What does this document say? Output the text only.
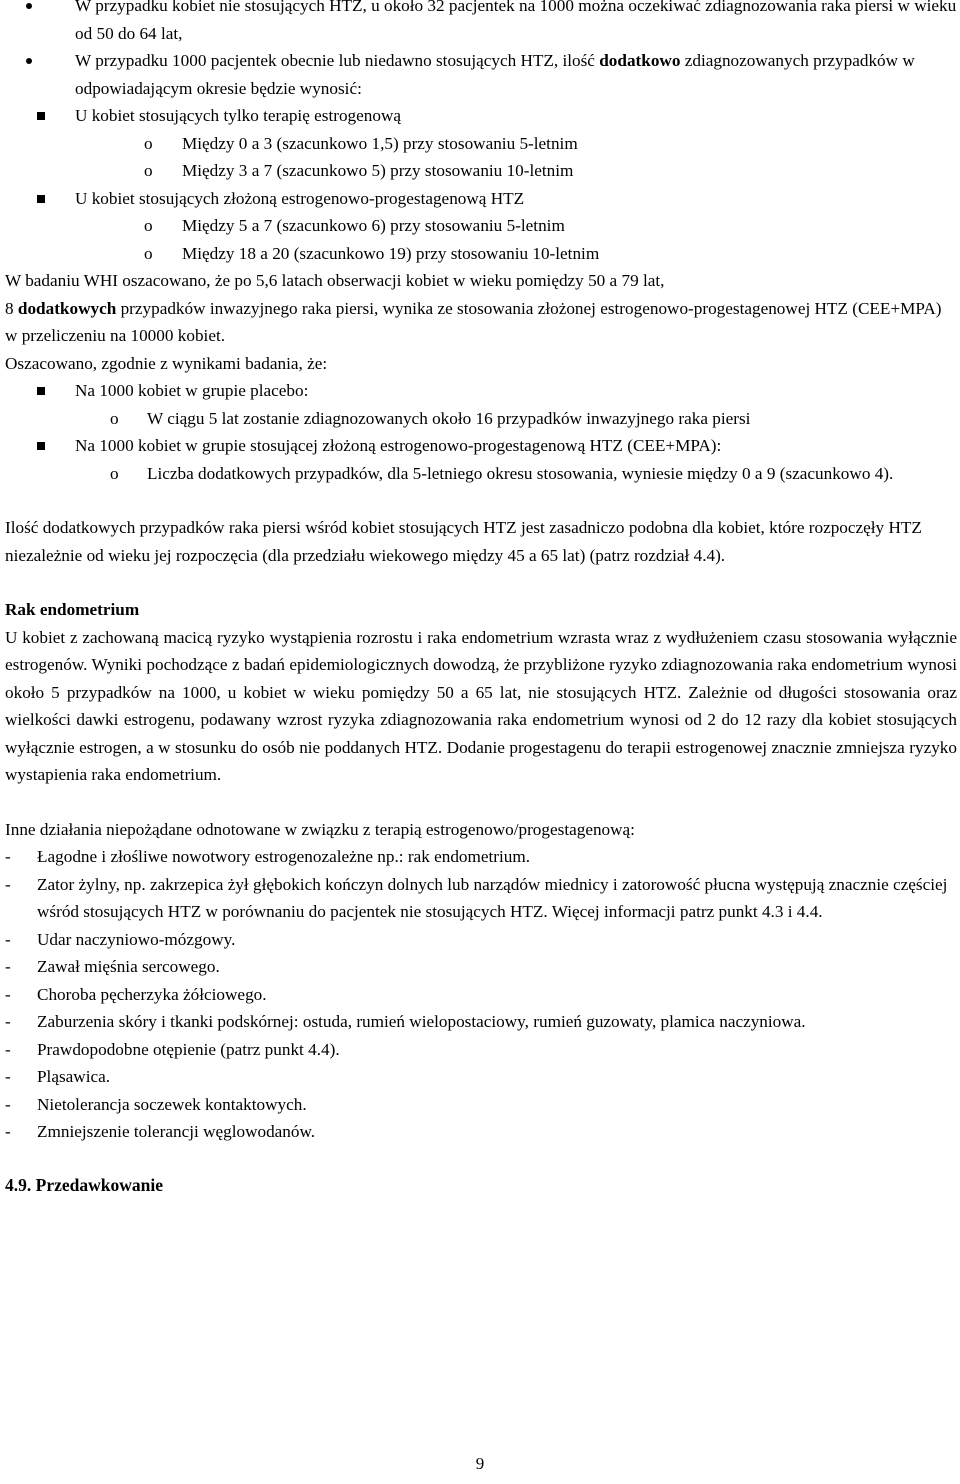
W przypadku kobiet nie stosujących HTZ, u około 32 pacjentek na 1000 można oczekiwać zdiagnozowania raka piersi w wieku od 50 do 64 lat,
W przypadku 1000 pacjentek obecnie lub niedawno stosujących HTZ, ilość dodatkowo zdiagnozowanych przypadków w odpowiadającym okresie będzie wynosić:
U kobiet stosujących tylko terapię estrogenową
o Między 0 a 3 (szacunkowo 1,5) przy stosowaniu 5-letnim
o Między 3 a 7 (szacunkowo 5) przy stosowaniu 10-letnim
U kobiet stosujących złożoną estrogenowo-progestagenową HTZ
o Między 5 a 7 (szacunkowo 6) przy stosowaniu 5-letnim
o Między 18 a 20 (szacunkowo 19) przy stosowaniu 10-letnim
W badaniu WHI oszacowano, że po 5,6 latach obserwacji kobiet w wieku pomiędzy 50 a 79 lat,
8 dodatkowych przypadków inwazyjnego raka piersi, wynika ze stosowania złożonej estrogenowo-progestagenowej HTZ (CEE+MPA) w przeliczeniu na 10000 kobiet.
Oszacowano, zgodnie z wynikami badania, że:
Na 1000 kobiet w grupie placebo:
o W ciągu 5 lat zostanie zdiagnozowanych około 16 przypadków inwazyjnego raka piersi
Na 1000 kobiet w grupie stosującej złożoną estrogenowo-progestagenową HTZ (CEE+MPA):
o Liczba dodatkowych przypadków, dla 5-letniego okresu stosowania, wyniesie między 0 a 9 (szacunkowo 4).
Ilość dodatkowych przypadków raka piersi wśród kobiet stosujących HTZ jest zasadniczo podobna dla kobiet, które rozpoczęły HTZ niezależnie od wieku jej rozpoczęcia (dla przedziału wiekowego między 45 a 65 lat) (patrz rozdział 4.4).
Rak endometrium
U kobiet z zachowaną macicą ryzyko wystąpienia rozrostu i raka endometrium wzrasta wraz z wydłużeniem czasu stosowania wyłącznie estrogenów. Wyniki pochodzące z badań epidemiologicznych dowodzą, że przybliżone ryzyko zdiagnozowania raka endometrium wynosi około 5 przypadków na 1000, u kobiet w wieku pomiędzy 50 a 65 lat, nie stosujących HTZ. Zależnie od długości stosowania oraz wielkości dawki estrogenu, podawany wzrost ryzyka zdiagnozowania raka endometrium wynosi od 2 do 12 razy dla kobiet stosujących wyłącznie estrogen, a w stosunku do osób nie poddanych HTZ. Dodanie progestagenu do terapii estrogenowej znacznie zmniejsza ryzyko wystapienia raka endometrium.
Inne działania niepożądane odnotowane w związku z terapią estrogenowo/progestagenową:
- Łagodne i złośliwe nowotwory estrogenozależne np.: rak endometrium.
- Zator żylny, np. zakrzepica żył głębokich kończyn dolnych lub narządów miednicy i zatorowość płucna występują znacznie częściej wśród stosujących HTZ w porównaniu do pacjentek nie stosujących HTZ. Więcej informacji patrz punkt 4.3 i 4.4.
- Udar naczyniowo-mózgowy.
- Zawał mięśnia sercowego.
- Choroba pęcherzyka żółciowego.
- Zaburzenia skóry i tkanki podskórnej: ostuda, rumień wielopostaciowy, rumień guzowaty, plamica naczyniowa.
- Prawdopodobne otępienie (patrz punkt 4.4).
- Pląsawica.
- Nietolerancja soczewek kontaktowych.
- Zmniejszenie tolerancji węglowodanów.
4.9. Przedawkowanie
9
